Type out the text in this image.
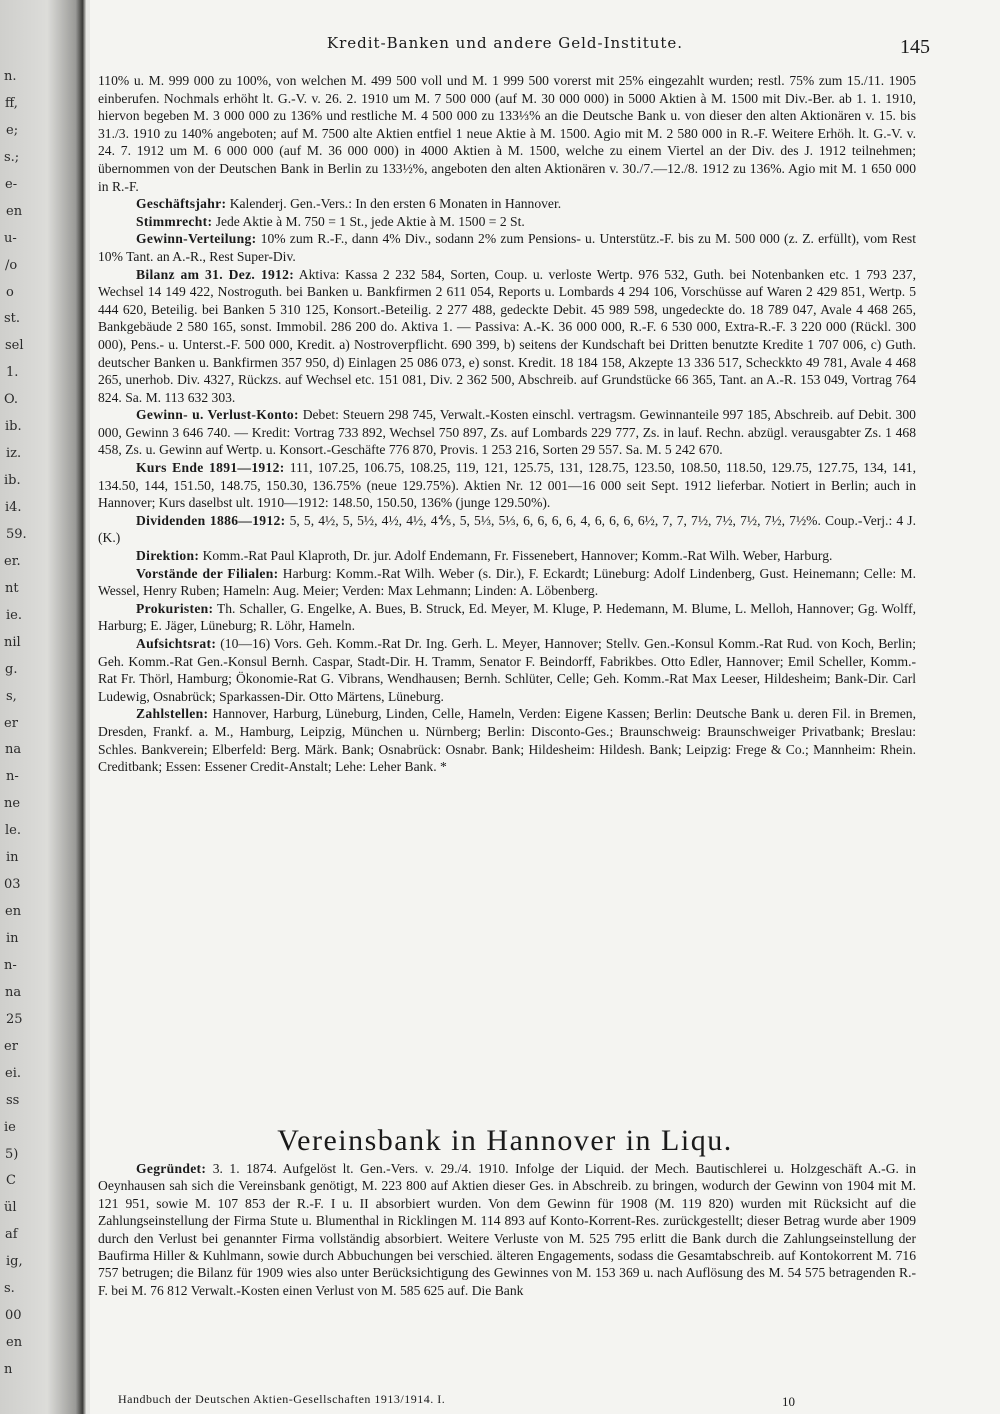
n.
ff,
e;
s.;
e-
en
u-
/o
o
st.
sel
1.
O.
ib.
iz.
ib.
i4.
59.
er.
nt
ie.
nil
g.
s,
er
na
n-
ne
le.
in
03
en
in
n-
na
25
er
ei.
ss
ie
5)
C
ül
af
ig,
s.
00
en
n
Kredit-Banken und andere Geld-Institute.	145

110% u. M. 999 000 zu 100%, von welchen M. 499 500 voll und M. 1 999 500 vorerst mit 25% eingezahlt wurden; restl. 75% zum 15./11. 1905 einberufen. Nochmals erhöht lt. G.-V. v. 26. 2. 1910 um M. 7 500 000 (auf M. 30 000 000) in 5000 Aktien à M. 1500 mit Div.-Ber. ab 1. 1. 1910, hiervon begeben M. 3 000 000 zu 136% und restliche M. 4 500 000 zu 133⅓% an die Deutsche Bank u. von dieser den alten Aktionären v. 15. bis 31./3. 1910 zu 140% angeboten; auf M. 7500 alte Aktien entfiel 1 neue Aktie à M. 1500. Agio mit M. 2 580 000 in R.-F. Weitere Erhöh. lt. G.-V. v. 24. 7. 1912 um M. 6 000 000 (auf M. 36 000 000) in 4000 Aktien à M. 1500, welche zu einem Viertel an der Div. des J. 1912 teilnehmen; übernommen von der Deutschen Bank in Berlin zu 133½%, angeboten den alten Aktionären v. 30./7.—12./8. 1912 zu 136%. Agio mit M. 1 650 000 in R.-F.

Geschäftsjahr: Kalenderj. Gen.-Vers.: In den ersten 6 Monaten in Hannover.

Stimmrecht: Jede Aktie à M. 750 = 1 St., jede Aktie à M. 1500 = 2 St.

Gewinn-Verteilung: 10% zum R.-F., dann 4% Div., sodann 2% zum Pensions- u. Unterstütz.-F. bis zu M. 500 000 (z. Z. erfüllt), vom Rest 10% Tant. an A.-R., Rest Super-Div.

Bilanz am 31. Dez. 1912: Aktiva: Kassa 2 232 584, Sorten, Coup. u. verloste Wertp. 976 532, Guth. bei Notenbanken etc. 1 793 237, Wechsel 14 149 422, Nostroguth. bei Banken u. Bankfirmen 2 611 054, Reports u. Lombards 4 294 106, Vorschüsse auf Waren 2 429 851, Wertp. 5 444 620, Beteilig. bei Banken 5 310 125, Konsort.-Beteilig. 2 277 488, gedeckte Debit. 45 989 598, ungedeckte do. 18 789 047, Avale 4 468 265, Bankgebäude 2 580 165, sonst. Immobil. 286 200 do. Aktiva 1. — Passiva: A.-K. 36 000 000, R.-F. 6 530 000, Extra-R.-F. 3 220 000 (Rückl. 300 000), Pens.- u. Unterst.-F. 500 000, Kredit. a) Nostroverpflicht. 690 399, b) seitens der Kundschaft bei Dritten benutzte Kredite 1 707 006, c) Guth. deutscher Banken u. Bankfirmen 357 950, d) Einlagen 25 086 073, e) sonst. Kredit. 18 184 158, Akzepte 13 336 517, Scheckkto 49 781, Avale 4 468 265, unerhob. Div. 4327, Rückzs. auf Wechsel etc. 151 081, Div. 2 362 500, Abschreib. auf Grundstücke 66 365, Tant. an A.-R. 153 049, Vortrag 764 824. Sa. M. 113 632 303.

Gewinn- u. Verlust-Konto: Debet: Steuern 298 745, Verwalt.-Kosten einschl. vertragsm. Gewinnanteile 997 185, Abschreib. auf Debit. 300 000, Gewinn 3 646 740. — Kredit: Vortrag 733 892, Wechsel 750 897, Zs. auf Lombards 229 777, Zs. in lauf. Rechn. abzügl. verausgabter Zs. 1 468 458, Zs. u. Gewinn auf Wertp. u. Konsort.-Geschäfte 776 870, Provis. 1 253 216, Sorten 29 557. Sa. M. 5 242 670.

Kurs Ende 1891—1912: 111, 107.25, 106.75, 108.25, 119, 121, 125.75, 131, 128.75, 123.50, 108.50, 118.50, 129.75, 127.75, 134, 141, 134.50, 144, 151.50, 148.75, 150.30, 136.75% (neue 129.75%). Aktien Nr. 12 001—16 000 seit Sept. 1912 lieferbar. Notiert in Berlin; auch in Hannover; Kurs daselbst ult. 1910—1912: 148.50, 150.50, 136% (junge 129.50%).

Dividenden 1886—1912: 5, 5, 4½, 5, 5½, 4½, 4½, 4⅘, 5, 5⅓, 5⅓, 6, 6, 6, 6, 4, 6, 6, 6, 6½, 7, 7, 7½, 7½, 7½, 7½, 7½%. Coup.-Verj.: 4 J. (K.)

Direktion: Komm.-Rat Paul Klaproth, Dr. jur. Adolf Endemann, Fr. Fissenebert, Hannover; Komm.-Rat Wilh. Weber, Harburg.

Vorstände der Filialen: Harburg: Komm.-Rat Wilh. Weber (s. Dir.), F. Eckardt; Lüneburg: Adolf Lindenberg, Gust. Heinemann; Celle: M. Wessel, Henry Ruben; Hameln: Aug. Meier; Verden: Max Lehmann; Linden: A. Löbenberg.

Prokuristen: Th. Schaller, G. Engelke, A. Bues, B. Struck, Ed. Meyer, M. Kluge, P. Hedemann, M. Blume, L. Melloh, Hannover; Gg. Wolff, Harburg; E. Jäger, Lüneburg; R. Löhr, Hameln.

Aufsichtsrat: (10—16) Vors. Geh. Komm.-Rat Dr. Ing. Gerh. L. Meyer, Hannover; Stellv. Gen.-Konsul Komm.-Rat Rud. von Koch, Berlin; Geh. Komm.-Rat Gen.-Konsul Bernh. Caspar, Stadt-Dir. H. Tramm, Senator F. Beindorff, Fabrikbes. Otto Edler, Hannover; Emil Scheller, Komm.-Rat Fr. Thörl, Hamburg; Ökonomie-Rat G. Vibrans, Wendhausen; Bernh. Schlüter, Celle; Geh. Komm.-Rat Max Leeser, Hildesheim; Bank-Dir. Carl Ludewig, Osnabrück; Sparkassen-Dir. Otto Märtens, Lüneburg.

Zahlstellen: Hannover, Harburg, Lüneburg, Linden, Celle, Hameln, Verden: Eigene Kassen; Berlin: Deutsche Bank u. deren Fil. in Bremen, Dresden, Frankf. a. M., Hamburg, Leipzig, München u. Nürnberg; Berlin: Disconto-Ges.; Braunschweig: Braunschweiger Privatbank; Breslau: Schles. Bankverein; Elberfeld: Berg. Märk. Bank; Osnabrück: Osnabr. Bank; Hildesheim: Hildesh. Bank; Leipzig: Frege & Co.; Mannheim: Rhein. Creditbank; Essen: Essener Credit-Anstalt; Lehe: Leher Bank. *

Vereinsbank in Hannover in Liqu.

Gegründet: 3. 1. 1874. Aufgelöst lt. Gen.-Vers. v. 29./4. 1910. Infolge der Liquid. der Mech. Bautischlerei u. Holzgeschäft A.-G. in Oeynhausen sah sich die Vereinsbank genötigt, M. 223 800 auf Aktien dieser Ges. in Abschreib. zu bringen, wodurch der Gewinn von 1904 mit M. 121 951, sowie M. 107 853 der R.-F. I u. II absorbiert wurden. Von dem Gewinn für 1908 (M. 119 820) wurden mit Rücksicht auf die Zahlungseinstellung der Firma Stute u. Blumenthal in Ricklingen M. 114 893 auf Konto-Korrent-Res. zurückgestellt; dieser Betrag wurde aber 1909 durch den Verlust bei genannter Firma vollständig absorbiert. Weitere Verluste von M. 525 795 erlitt die Bank durch die Zahlungseinstellung der Baufirma Hiller & Kuhlmann, sowie durch Abbuchungen bei verschied. älteren Engagements, sodass die Gesamtabschreib. auf Kontokorrent M. 716 757 betrugen; die Bilanz für 1909 wies also unter Berücksichtigung des Gewinnes von M. 153 369 u. nach Auflösung des M. 54 575 betragenden R.-F. bei M. 76 812 Verwalt.-Kosten einen Verlust von M. 585 625 auf. Die Bank

Handbuch der Deutschen Aktien-Gesellschaften 1913/1914. I.	10
